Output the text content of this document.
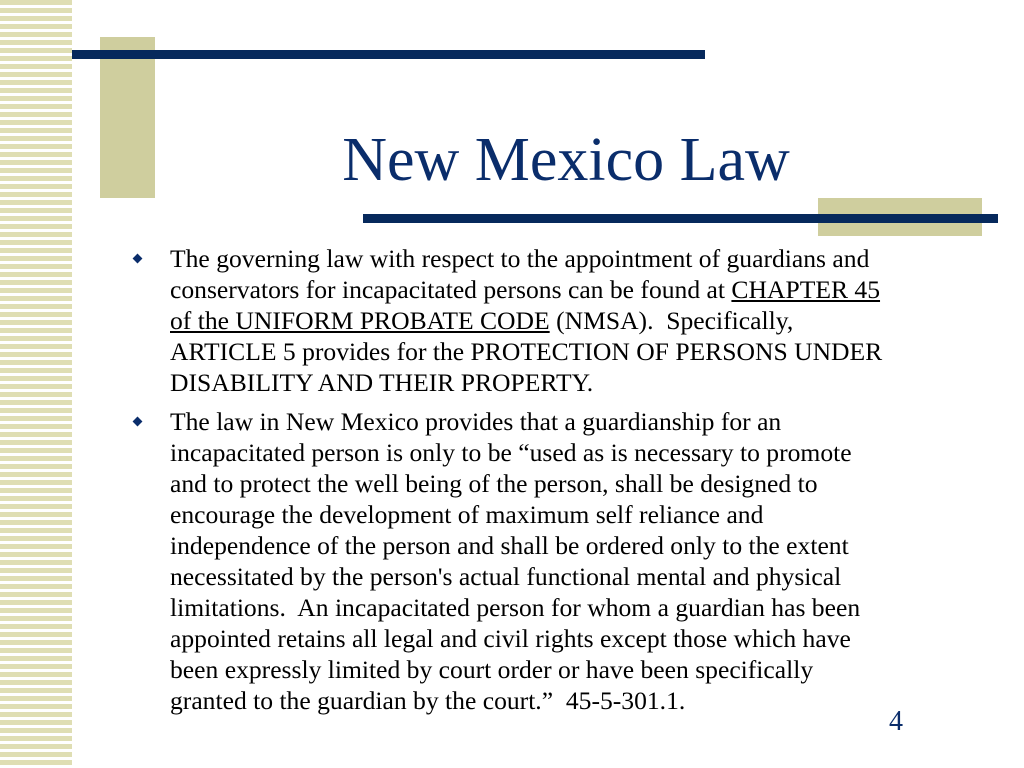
New Mexico Law
The governing law with respect to the appointment of guardians and
conservators for incapacitated persons can be found at CHAPTER 45
of the UNIFORM PROBATE CODE (NMSA).  Specifically,
ARTICLE 5 provides for the PROTECTION OF PERSONS UNDER
DISABILITY AND THEIR PROPERTY.
The law in New Mexico provides that a guardianship for an
incapacitated person is only to be “used as is necessary to promote
and to protect the well being of the person, shall be designed to
encourage the development of maximum self reliance and
independence of the person and shall be ordered only to the extent
necessitated by the person's actual functional mental and physical
limitations.  An incapacitated person for whom a guardian has been
appointed retains all legal and civil rights except those which have
been expressly limited by court order or have been specifically
granted to the guardian by the court.”  45-5-301.1.
4
